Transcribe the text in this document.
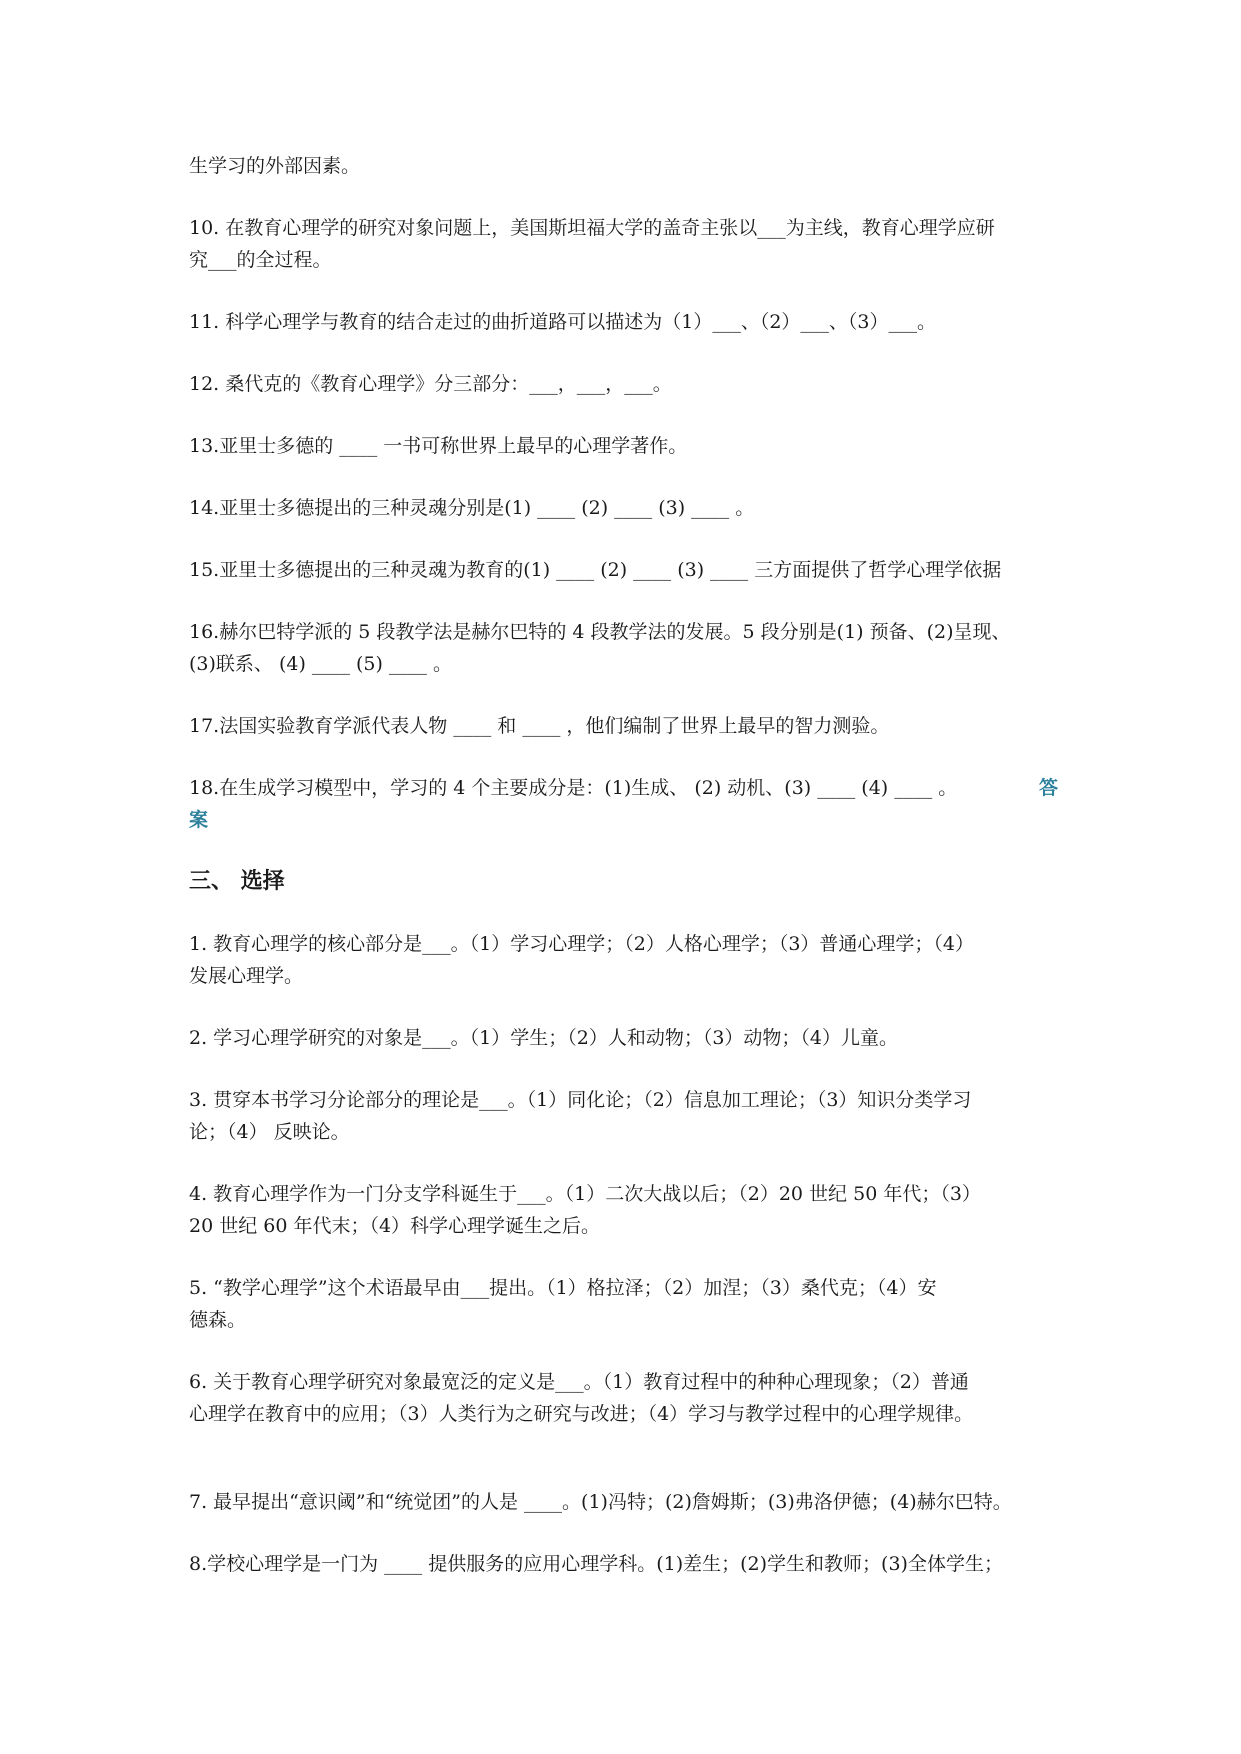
生学习的外部因素。
10. 在教育心理学的研究对象问题上，美国斯坦福大学的盖奇主张以___为主线，教育心理学应研
究___的全过程。
11. 科学心理学与教育的结合走过的曲折道路可以描述为（1）___、（2）___、（3）___。
12. 桑代克的《教育心理学》分三部分：___，___，___。
13.亚里士多德的 ____ 一书可称世界上最早的心理学著作。
14.亚里士多德提出的三种灵魂分别是(1) ____ (2) ____ (3) ____ 。
15.亚里士多德提出的三种灵魂为教育的(1) ____ (2) ____ (3) ____ 三方面提供了哲学心理学依据
16.赫尔巴特学派的 5 段教学法是赫尔巴特的 4 段教学法的发展。5 段分别是(1) 预备、(2)呈现、
(3)联系、 (4) ____ (5) ____ 。
17.法国实验教育学派代表人物 ____ 和 ____ ，他们编制了世界上最早的智力测验。
18.在生成学习模型中，学习的 4 个主要成分是：(1)生成、 (2) 动机、(3) ____ (4) ____ 。	答
案
三、 选择
1. 教育心理学的核心部分是___。（1）学习心理学；（2）人格心理学；（3）普通心理学；（4）
发展心理学。
2. 学习心理学研究的对象是___。（1）学生；（2）人和动物；（3）动物；（4）儿童。
3. 贯穿本书学习分论部分的理论是___。（1）同化论；（2）信息加工理论；（3）知识分类学习
论；（4） 反映论。
4. 教育心理学作为一门分支学科诞生于___。（1）二次大战以后；（2）20 世纪 50 年代；（3）
20 世纪 60 年代末；（4）科学心理学诞生之后。
5. “教学心理学”这个术语最早由___提出。（1）格拉泽；（2）加涅；（3）桑代克；（4）安
德森。
6. 关于教育心理学研究对象最宽泛的定义是___。（1）教育过程中的种种心理现象；（2）普通
心理学在教育中的应用；（3）人类行为之研究与改进；（4）学习与教学过程中的心理学规律。
7. 最早提出“意识阈”和“统觉团”的人是 ____。(1)冯特；(2)詹姆斯；(3)弗洛伊德；(4)赫尔巴特。
8.学校心理学是一门为 ____ 提供服务的应用心理学科。(1)差生；(2)学生和教师；(3)全体学生；
